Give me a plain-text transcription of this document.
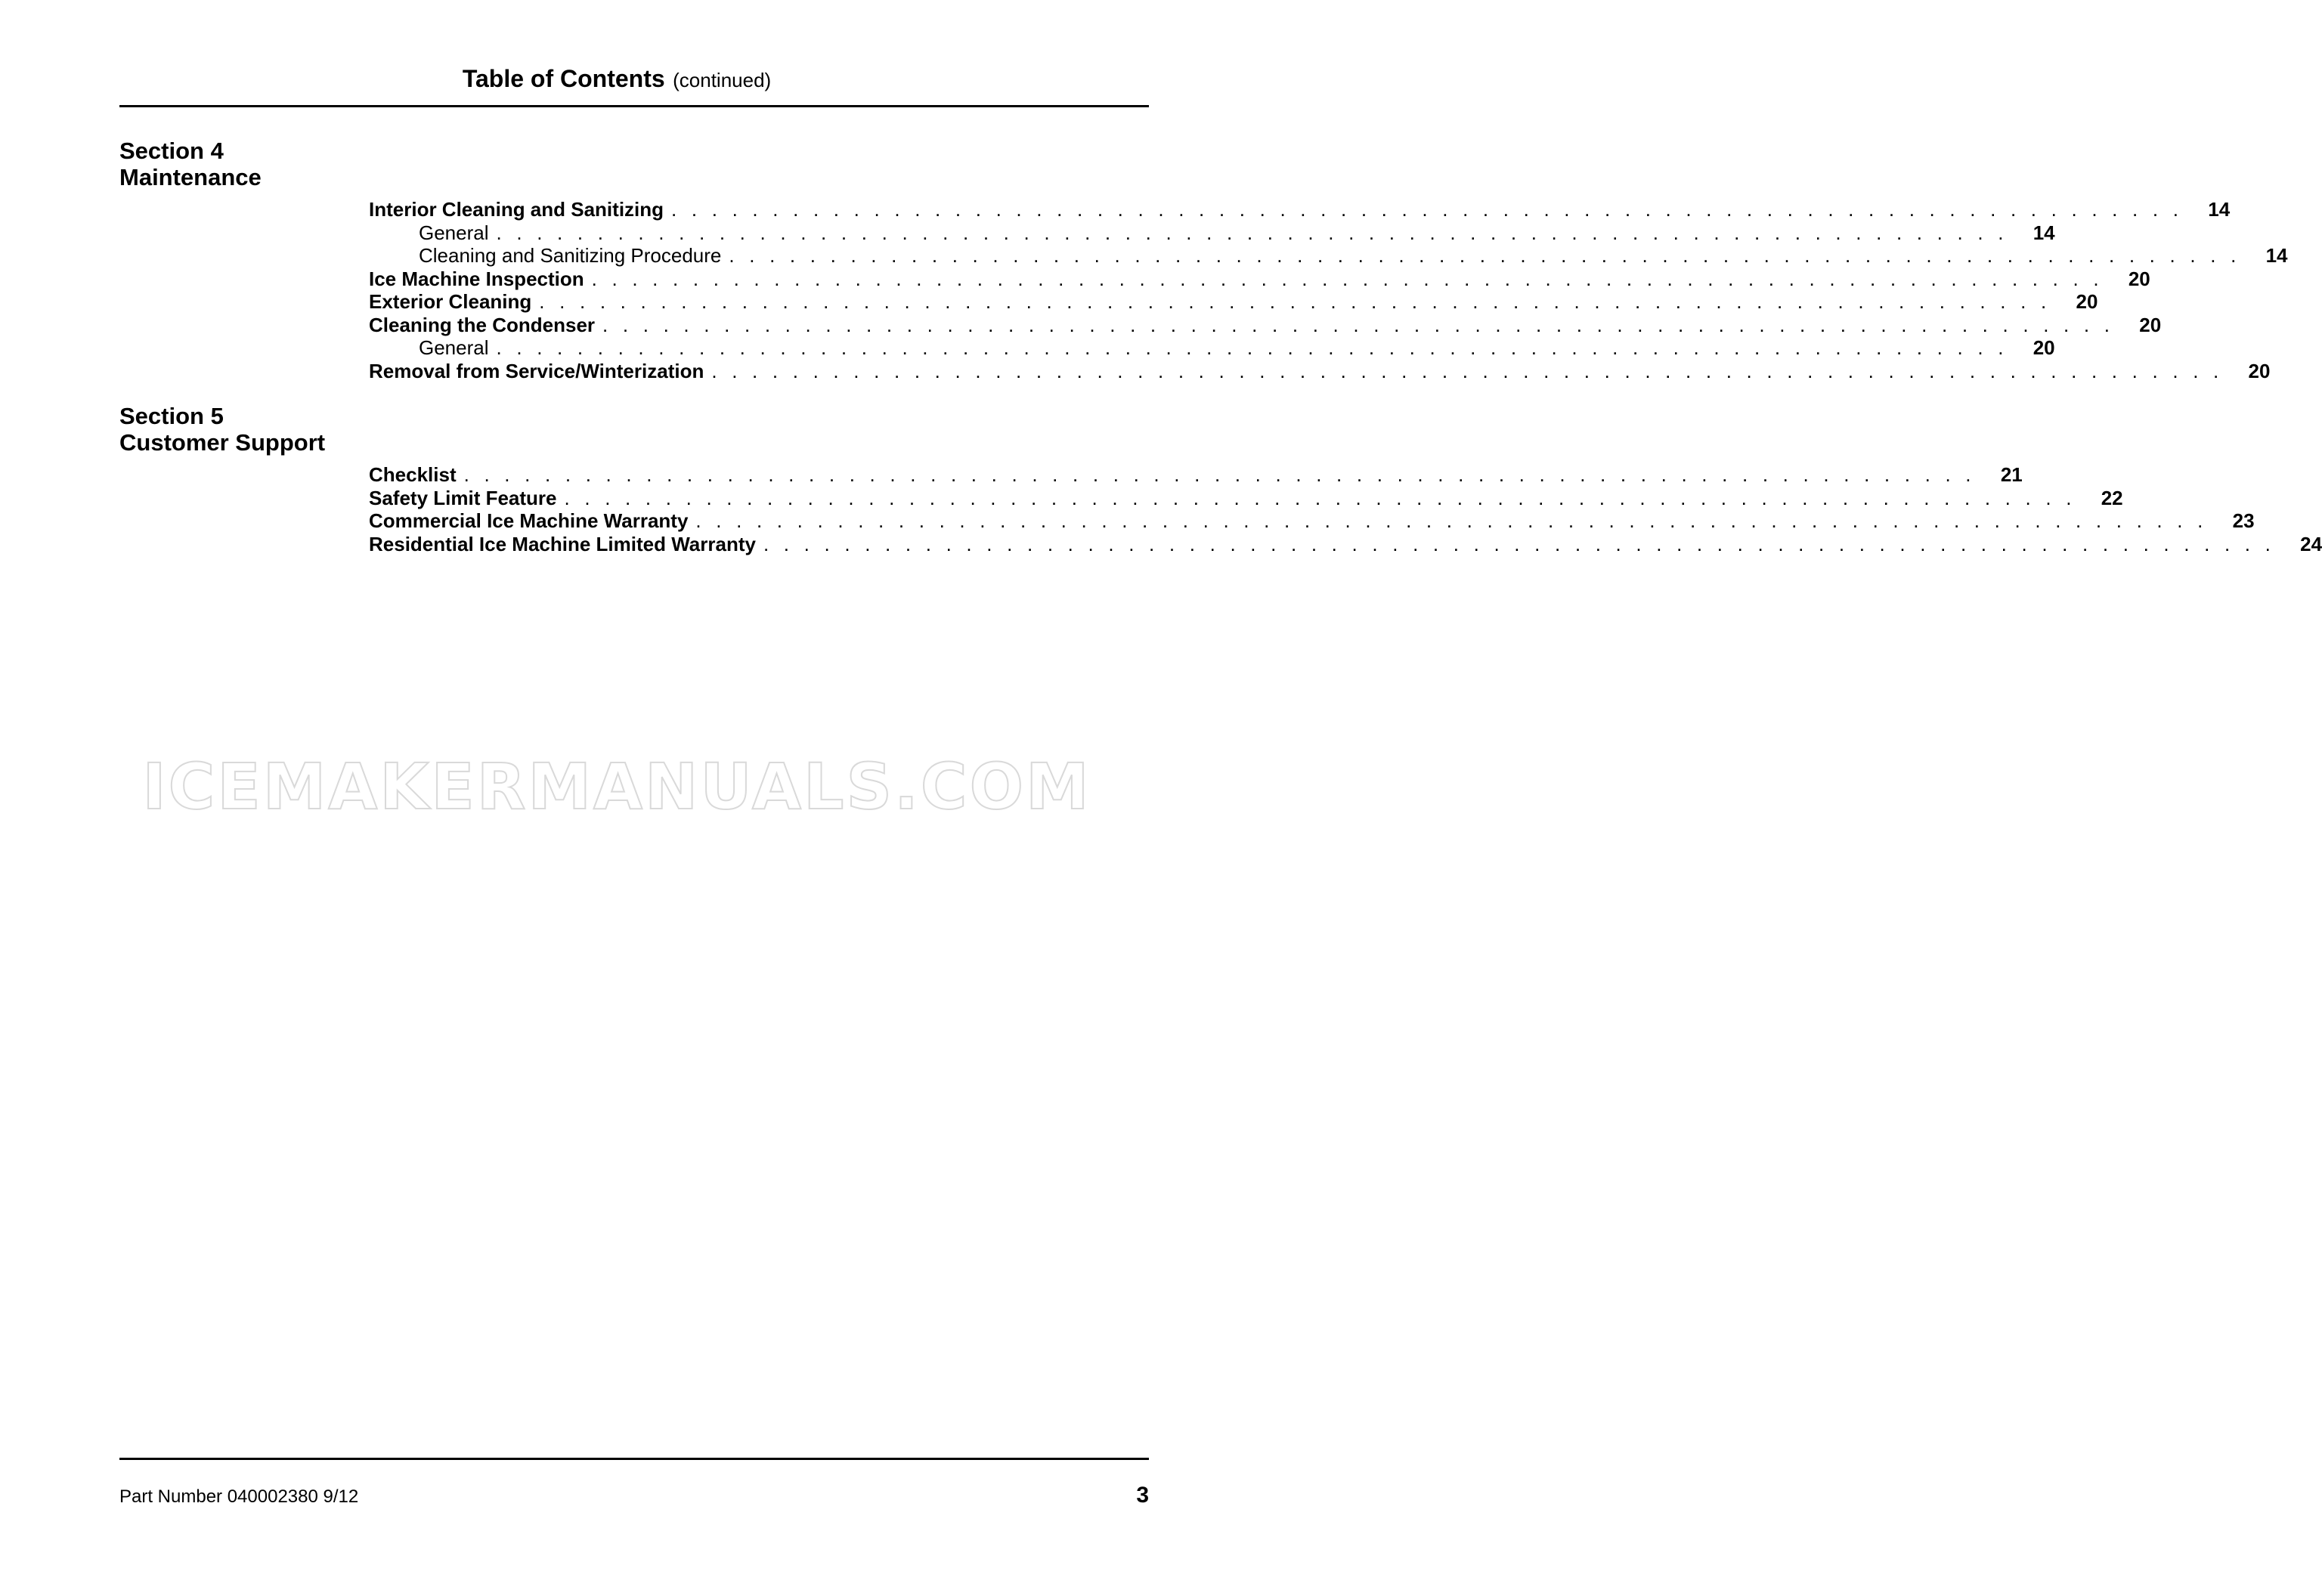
Table of Contents (continued)
Section 4
Maintenance
Interior Cleaning and Sanitizing . . . . . . . . . . . . . . . . . . . . . . . . . . . . . . . . . . . . . . . . . . . . . . . . . . . . . . . . . . . . . . . . . . . . . . . . . . .	14
General . . . . . . . . . . . . . . . . . . . . . . . . . . . . . . . . . . . . . . . . . . . . . . . . . . . . . . . . . . . . . . . . . . . . . . . . . . .	14
Cleaning and Sanitizing Procedure . . . . . . . . . . . . . . . . . . . . . . . . . . . . . . . . . . . . . . . . . . . . . . . . . . . . . . . . . . . . . . . . . . . . . . . . . . .	14
Ice Machine Inspection . . . . . . . . . . . . . . . . . . . . . . . . . . . . . . . . . . . . . . . . . . . . . . . . . . . . . . . . . . . . . . . . . . . . . . . . . . .	20
Exterior Cleaning . . . . . . . . . . . . . . . . . . . . . . . . . . . . . . . . . . . . . . . . . . . . . . . . . . . . . . . . . . . . . . . . . . . . . . . . . . .	20
Cleaning the Condenser . . . . . . . . . . . . . . . . . . . . . . . . . . . . . . . . . . . . . . . . . . . . . . . . . . . . . . . . . . . . . . . . . . . . . . . . . . .	20
General . . . . . . . . . . . . . . . . . . . . . . . . . . . . . . . . . . . . . . . . . . . . . . . . . . . . . . . . . . . . . . . . . . . . . . . . . . .	20
Removal from Service/Winterization . . . . . . . . . . . . . . . . . . . . . . . . . . . . . . . . . . . . . . . . . . . . . . . . . . . . . . . . . . . . . . . . . . . . . . . . . . .	20
Section 5
Customer Support
Checklist . . . . . . . . . . . . . . . . . . . . . . . . . . . . . . . . . . . . . . . . . . . . . . . . . . . . . . . . . . . . . . . . . . . . . . . . . . .	21
Safety Limit Feature . . . . . . . . . . . . . . . . . . . . . . . . . . . . . . . . . . . . . . . . . . . . . . . . . . . . . . . . . . . . . . . . . . . . . . . . . . .	22
Commercial Ice Machine Warranty . . . . . . . . . . . . . . . . . . . . . . . . . . . . . . . . . . . . . . . . . . . . . . . . . . . . . . . . . . . . . . . . . . . . . . . . . . .	23
Residential Ice Machine Limited Warranty . . . . . . . . . . . . . . . . . . . . . . . . . . . . . . . . . . . . . . . . . . . . . . . . . . . . . . . . . . . . . . . . . . . . . . . . . . .	24
ICEMAKERMANUALS.COM
Part Number 040002380 9/12	3
